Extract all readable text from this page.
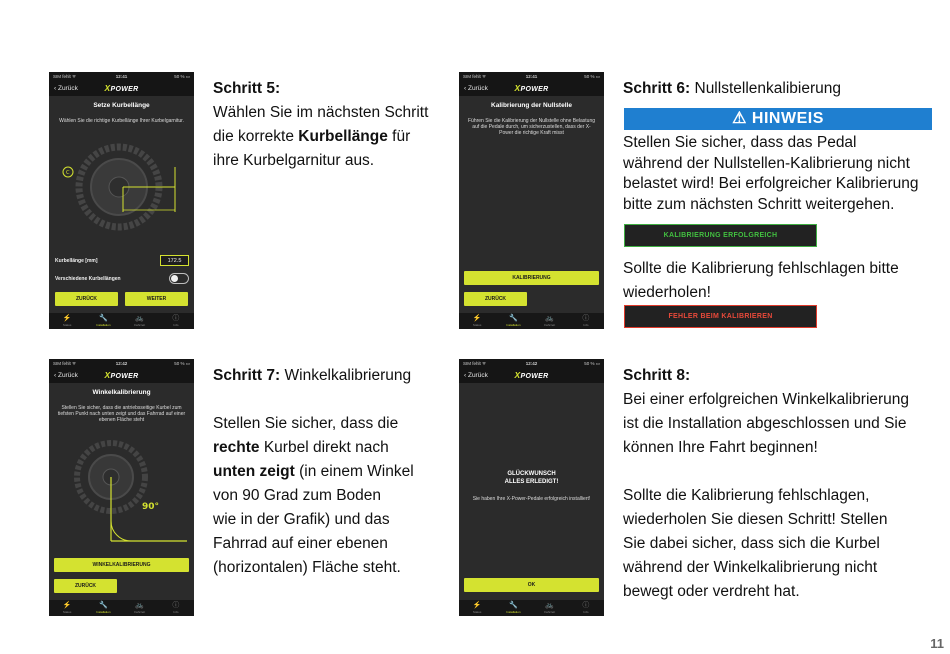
SIM fehlt ᯤ	12:41	50 % ▭
‹ Zurück	XPOWER
Setze Kurbellänge
Wählen Sie die richtige Kurbellänge Ihrer Kurbelgarnitur.
C
Kurbellänge [mm]	172.5
Verschiedene Kurbellängen
ZURÜCK	WEITER
⚡
Status
🔧
Installation
🚲
Fahrzeit
ⓘ
Info
SIM fehlt ᯤ	12:41	50 % ▭
‹ Zurück	XPOWER
Kalibrierung der Nullstelle
Führen Sie die Kalibrierung der Nullstelle ohne Belastung auf die Pedale durch, um sicherzustellen, dass der X-Power die richtige Kraft misst
KALIBRIERUNG
ZURÜCK
⚡
Status
🔧
Installation
🚲
Fahrzeit
ⓘ
Info
SIM fehlt ᯤ	12:42	50 % ▭
‹ Zurück	XPOWER
Winkelkalibrierung
Stellen Sie sicher, dass die antriebsseitige Kurbel zum tiefsten Punkt nach unten zeigt und das Fahrrad auf einer ebenen Fläche steht
90°
WINKELKALIBRIERUNG
ZURÜCK
⚡
Status
🔧
Installation
🚲
Fahrzeit
ⓘ
Info
SIM fehlt ᯤ	12:42	50 % ▭
‹ Zurück	XPOWER
GLÜCKWUNSCH
ALLES ERLEDIGT!
Sie haben Ihre X-Power-Pedale erfolgreich installiert!
OK
⚡
Status
🔧
Installation
🚲
Fahrzeit
ⓘ
Info

Schritt 5:

Wählen Sie im nächsten Schritt

die korrekte Kurbellänge für

ihre Kurbelgarnitur aus.

Schritt 6: Nullstellenkalibierung

⚠ HINWEIS

Stellen Sie sicher, dass das Pedal

während der Nullstellen-Kalibrierung nicht

belastet wird! Bei erfolgreicher Kalibrierung

bitte zum nächsten Schritt weitergehen.

KALIBRIERUNG ERFOLGREICH

Sollte die Kalibrierung fehlschlagen bitte

wiederholen!

FEHLER BEIM KALIBRIEREN

Schritt 7: Winkelkalibrierung

Stellen Sie sicher, dass die

rechte Kurbel direkt nach

unten zeigt (in einem Winkel

von 90 Grad zum Boden

wie in der Grafik) und das

Fahrrad auf einer ebenen

(horizontalen) Fläche steht.

Schritt 8:

Bei einer erfolgreichen Winkelkalibrierung

ist die Installation abgeschlossen und Sie

können Ihre Fahrt beginnen!

Sollte die Kalibrierung fehlschlagen,

wiederholen Sie diesen Schritt! Stellen

Sie dabei sicher, dass sich die Kurbel

während der Winkelkalibrierung nicht

bewegt oder verdreht hat.

11
